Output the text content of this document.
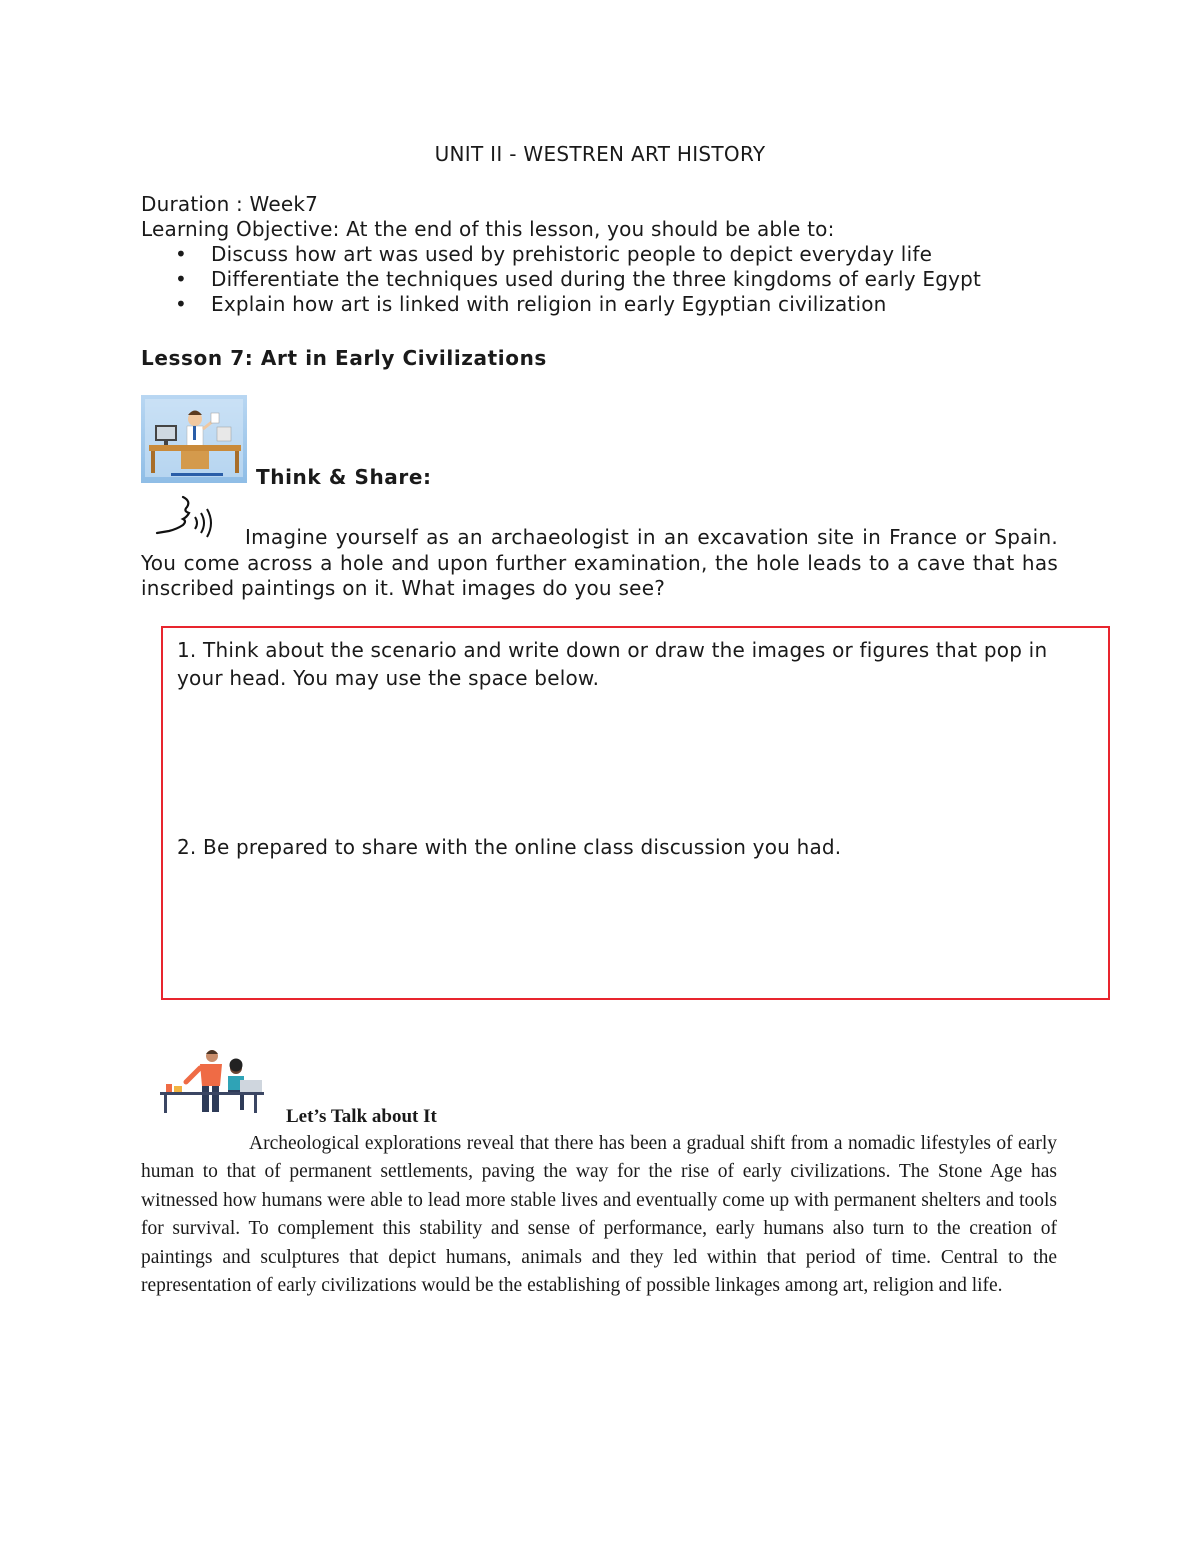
UNIT II - WESTREN ART HISTORY
Duration : Week7
Learning Objective: At the end of this lesson, you should be able to:
• Discuss how art was used by prehistoric people to depict everyday life
• Differentiate the techniques used during the three kingdoms of early Egypt
• Explain how art is linked with religion in early Egyptian civilization
Lesson 7: Art in Early Civilizations
Think & Share:
Imagine yourself as an archaeologist in an excavation site in France or Spain. You come across a hole and upon further examination, the hole leads to a cave that has inscribed paintings on it. What images do you see?
1. Think about the scenario and write down or draw the images or figures that pop in your head. You may use the space below.
2. Be prepared to share with the online class discussion you had.
Let’s Talk about It
Archeological explorations reveal that there has been a gradual shift from a nomadic lifestyles of early human to that of permanent settlements, paving the way for the rise of early civilizations. The Stone Age has witnessed how humans were able to lead more stable lives and eventually come up with permanent shelters and tools for survival. To complement this stability and sense of performance, early humans also turn to the creation of paintings and sculptures that depict humans, animals and they led within that period of time. Central to the representation of early civilizations would be the establishing of possible linkages among art, religion and life.
